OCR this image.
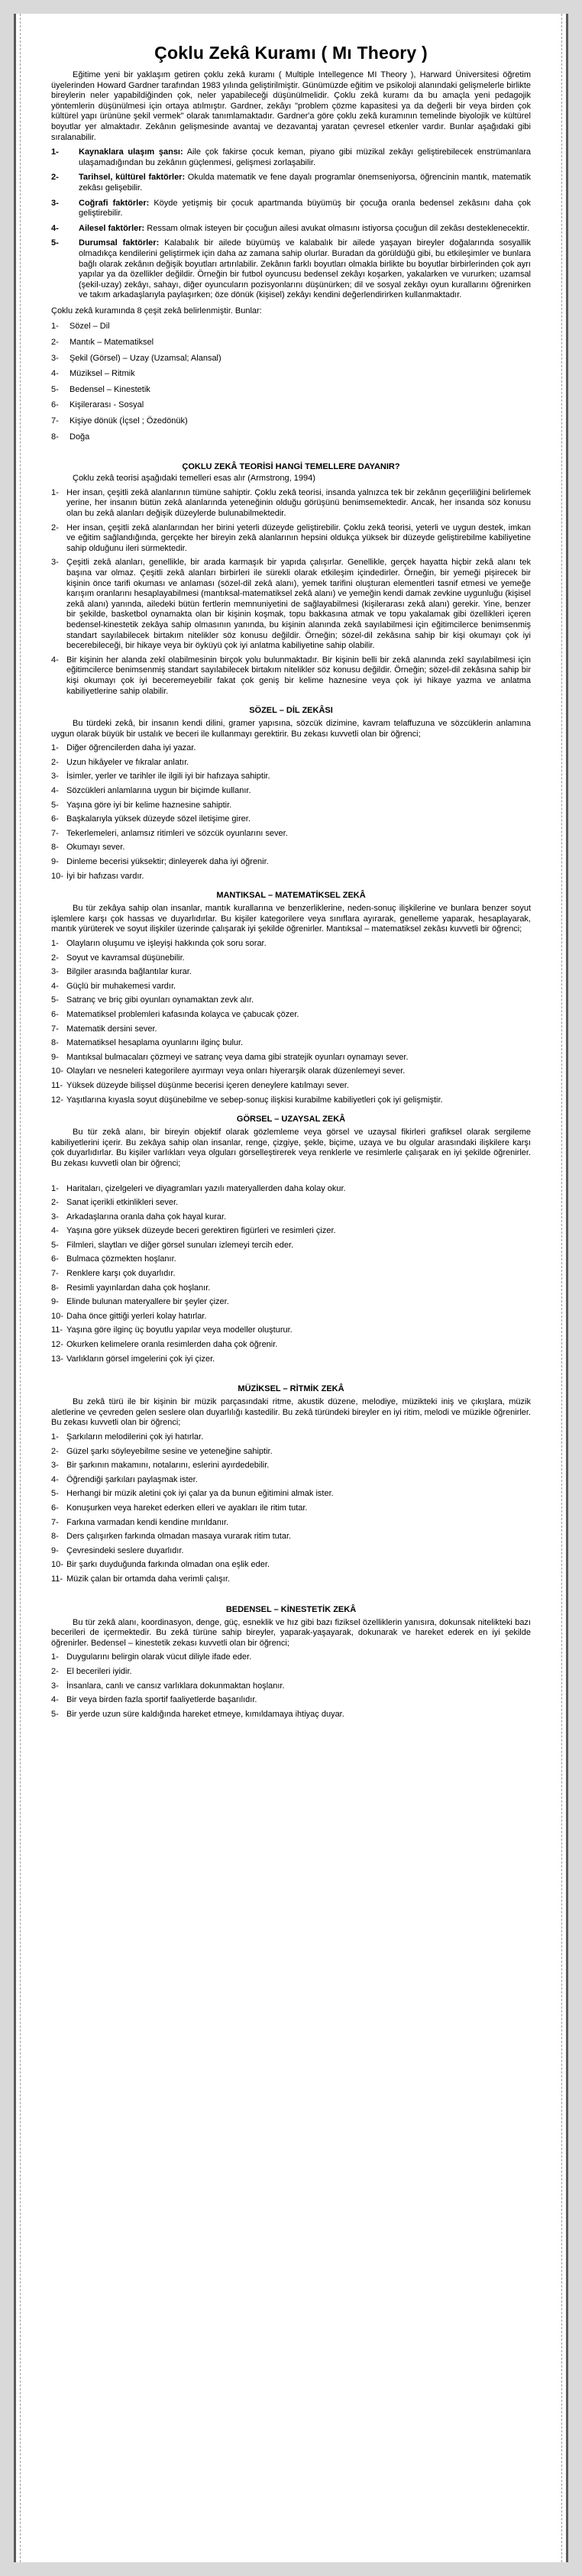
Çoklu Zekâ Kuramı ( Mı Theory )

Eğitime yeni bir yaklaşım getiren çoklu zekâ kuramı ( Multiple Intellegence MI Theory ), Harward Üniversitesi öğretim üyelerinden Howard Gardner tarafından 1983 yılında geliştirilmiştir. Günümüzde eğitim ve psikoloji alanındaki gelişmelerle birlikte bireylerin neler yapabildiğinden çok, neler yapabileceği düşünülmelidir. Çoklu zekâ kuramı da bu amaçla yeni pedagojik yöntemlerin düşünülmesi için ortaya atılmıştır. Gardner, zekâyı "problem çözme kapasitesi ya da değerli bir veya birden çok kültürel yapı ürününe şekil vermek" olarak tanımlamaktadır. Gardner'a göre çoklu zekâ kuramının temelinde biyolojik ve kültürel boyutlar yer almaktadır. Zekânın gelişmesinde avantaj ve dezavantaj yaratan çevresel etkenler vardır. Bunlar aşağıdaki gibi sıralanabilir.

1-	Kaynaklara ulaşım şansı: Aile çok fakirse çocuk keman, piyano gibi müzikal zekâyı geliştirebilecek enstrümanlara ulaşamadığından bu zekânın güçlenmesi, gelişmesi zorlaşabilir.
2-	Tarihsel, kültürel faktörler: Okulda matematik ve fene dayalı programlar önemseniyorsa, öğrencinin mantık, matematik zekâsı gelişebilir.
3-	Coğrafi faktörler: Köyde yetişmiş bir çocuk apartmanda büyümüş bir çocuğa oranla bedensel zekâsını daha çok geliştirebilir.
4-	Ailesel faktörler: Ressam olmak isteyen bir çocuğun ailesi avukat olmasını istiyorsa çocuğun dil zekâsı desteklenecektir.
5-	Durumsal faktörler: Kalabalık bir ailede büyümüş ve kalabalık bir ailede yaşayan bireyler doğalarında sosyallik olmadıkça kendilerini geliştirmek için daha az zamana sahip olurlar. Buradan da görüldüğü gibi, bu etkileşimler ve bunlara bağlı olarak zekânın değişik boyutları artırılabilir. Zekânın farklı boyutları olmakla birlikte bu boyutlar birbirlerinden çok ayrı yapılar ya da özellikler değildir. Örneğin bir futbol oyuncusu bedensel zekâyı koşarken, yakalarken ve vururken; uzamsal (şekil-uzay) zekâyı, sahayı, diğer oyuncuların pozisyonlarını düşünürken; dil ve sosyal zekâyı oyun kurallarını öğrenirken ve takım arkadaşlarıyla paylaşırken; öze dönük (kişisel) zekâyı kendini değerlendirirken kullanmaktadır.

Çoklu zekâ kuramında 8 çeşit zekâ belirlenmiştir. Bunlar:

1- Sözel – Dil
2- Mantık – Matematiksel
3- Şekil (Görsel) – Uzay (Uzamsal; Alansal)
4- Müziksel – Ritmik
5- Bedensel – Kinestetik
6- Kişilerarası - Sosyal
7- Kişiye dönük (İçsel ; Özedönük)
8- Doğa
ÇOKLU ZEKÂ TEORİSİ HANGİ TEMELLERE DAYANIR?

Çoklu zekâ teorisi aşağıdaki temelleri esas alır (Armstrong, 1994)

1- Her insan, çeşitli zekâ alanlarının tümüne sahiptir. Çoklu zekâ teorisi, insanda yalnızca tek bir zekânın geçerliliğini belirlemek yerine, her insanın bütün zekâ alanlarında yeteneğinin olduğu görüşünü benimsemektedir. Ancak, her insanda söz konusu olan bu zekâ alanları değişik düzeylerde bulunabilmektedir.
2- Her insan, çeşitli zekâ alanlarından her birini yeterli düzeyde geliştirebilir. Çoklu zekâ teorisi, yeterli ve uygun destek, imkan ve eğitim sağlandığında, gerçekte her bireyin zekâ alanlarının hepsini oldukça yüksek bir düzeyde geliştirebilme kabiliyetine sahip olduğunu ileri sürmektedir.
3- Çeşitli zekâ alanları, genellikle, bir arada karmaşık bir yapıda çalışırlar. Genellikle, gerçek hayatta hiçbir zekâ alanı tek başına var olmaz. Çeşitli zekâ alanları birbirleri ile sürekli olarak etkileşim içindedirler. Örneğin, bir yemeği pişirecek bir kişinin önce tarifi okuması ve anlaması (sözel-dil zekâ alanı), yemek tarifini oluşturan elementleri tasnif etmesi ve yemeğe karışım oranlarını hesaplayabilmesi (mantıksal-matematiksel zekâ alanı) ve yemeğin kendi damak zevkine uygunluğu (kişisel zekâ alanı) yanında, ailedeki bütün fertlerin memnuniyetini de sağlayabilmesi (kişilerarası zekâ alanı) gerekir. Yine, benzer bir şekilde, basketbol oynamakta olan bir kişinin koşmak, topu bakkasına atmak ve topu yakalamak gibi özellikleri içeren bedensel-kinestetik zekâya sahip olmasının yanında, bu kişinin alanında zekâ sayılabilmesi için eğitimcilerce benimsenmiş standart sayılabilecek birtakım nitelikler söz konusu değildir. Örneğin; sözel-dil zekâsına sahip bir kişi okumayı çok iyi becerebileceği, bir hikaye veya bir öyküyü çok iyi anlatma kabiliyetine sahip olabilir.
4- Bir kişinin her alanda zekî olabilmesinin birçok yolu bulunmaktadır. Bir kişinin belli bir zekâ alanında zekî sayılabilmesi için eğitimcilerce benimsenmiş standart sayılabilecek birtakım nitelikler söz konusu değildir. Örneğin; sözel-dil zekâsına sahip bir kişi okumayı çok iyi beceremeyebilir fakat çok geniş bir kelime haznesine veya çok iyi hikaye yazma ve anlatma kabiliyetlerine sahip olabilir.
SÖZEL – DİL ZEKÂSI

Bu türdeki zekâ, bir insanın kendi dilini, gramer yapısına, sözcük dizimine, kavram telaffuzuna ve sözcüklerin anlamına uygun olarak büyük bir ustalık ve beceri ile kullanmayı gerektirir. Bu zekası kuvvetli olan bir öğrenci;

1- Diğer öğrencilerden daha iyi yazar.
2- Uzun hikâyeler ve fıkralar anlatır.
3- İsimler, yerler ve tarihler ile ilgili iyi bir hafızaya sahiptir.
4- Sözcükleri anlamlarına uygun bir biçimde kullanır.
5- Yaşına göre iyi bir kelime haznesine sahiptir.
6- Başkalarıyla yüksek düzeyde sözel iletişime girer.
7- Tekerlemeleri, anlamsız ritimleri ve sözcük oyunlarını sever.
8- Okumayı sever.
9- Dinleme becerisi yüksektir; dinleyerek daha iyi öğrenir.
10- İyi bir hafızası vardır.
MANTIKSAL – MATEMATİKSEL ZEKÂ

Bu tür zekâya sahip olan insanlar, mantık kurallarına ve benzerliklerine, neden-sonuç ilişkilerine ve bunlara benzer soyut işlemlere karşı çok hassas ve duyarlıdırlar. Bu kişiler kategorilere veya sınıflara ayırarak, genelleme yaparak, hesaplayarak, mantık yürüterek ve soyut ilişkiler üzerinde çalışarak iyi şekilde öğrenirler. Mantıksal – matematiksel zekâsı kuvvetli bir öğrenci;

1- Olayların oluşumu ve işleyişi hakkında çok soru sorar.
2- Soyut ve kavramsal düşünebilir.
3- Bilgiler arasında bağlantılar kurar.
4- Güçlü bir muhakemesi vardır.
5- Satranç ve briç gibi oyunları oynamaktan zevk alır.
6- Matematiksel problemleri kafasında kolayca ve çabucak çözer.
7- Matematik dersini sever.
8- Matematiksel hesaplama oyunlarını ilginç bulur.
9- Mantıksal bulmacaları çözmeyi ve satranç veya dama gibi stratejik oyunları oynamayı sever.
10- Olayları ve nesneleri kategorilere ayırmayı veya onları hiyerarşik olarak düzenlemeyi sever.
11- Yüksek düzeyde bilişsel düşünme becerisi içeren deneylere katılmayı sever.
12- Yaşıtlarına kıyasla soyut düşünebilme ve sebep-sonuç ilişkisi kurabilme kabiliyetleri çok iyi gelişmiştir.
GÖRSEL – UZAYSAL ZEKÂ

Bu tür zekâ alanı, bir bireyin objektif olarak gözlemleme veya görsel ve uzaysal fikirleri grafiksel olarak sergileme kabiliyetlerini içerir. Bu zekâya sahip olan insanlar, renge, çizgiye, şekle, biçime, uzaya ve bu olgular arasındaki ilişkilere karşı çok duyarlıdırlar. Bu kişiler varlıkları veya olguları görselleştirerek veya renklerle ve resimlerle çalışarak en iyi şekilde öğrenirler. Bu zekası kuvvetli olan bir öğrenci;

1- Haritaları, çizelgeleri ve diyagramları yazılı materyallerden daha kolay okur.
2- Sanat içerikli etkinlikleri sever.
3- Arkadaşlarına oranla daha çok hayal kurar.
4- Yaşına göre yüksek düzeyde beceri gerektiren figürleri ve resimleri çizer.
5- Filmleri, slaytları ve diğer görsel sunuları izlemeyi tercih eder.
6- Bulmaca çözmekten hoşlanır.
7- Renklere karşı çok duyarlıdır.
8- Resimli yayınlardan daha çok hoşlanır.
9- Elinde bulunan materyallere bir şeyler çizer.
10- Daha önce gittiği yerleri kolay hatırlar.
11- Yaşına göre ilginç üç boyutlu yapılar veya modeller oluşturur.
12- Okurken kelimelere oranla resimlerden daha çok öğrenir.
13- Varlıkların görsel imgelerini çok iyi çizer.
MÜZİKSEL – RİTMİK ZEKÂ

Bu zekâ türü ile bir kişinin bir müzik parçasındaki ritme, akustik düzene, melodiye, müzikteki iniş ve çıkışlara, müzik aletlerine ve çevreden gelen seslere olan duyarlılığı kastedilir. Bu zekâ türündeki bireyler en iyi ritim, melodi ve müzikle öğrenirler. Bu zekası kuvvetli olan bir öğrenci;

1- Şarkıların melodilerini çok iyi hatırlar.
2- Güzel şarkı söyleyebilme sesine ve yeteneğine sahiptir.
3- Bir şarkının makamını, notalarını, eslerini ayırdedebilir.
4- Öğrendiği şarkıları paylaşmak ister.
5- Herhangi bir müzik aletini çok iyi çalar ya da bunun eğitimini almak ister.
6- Konuşurken veya hareket ederken elleri ve ayakları ile ritim tutar.
7- Farkına varmadan kendi kendine mırıldanır.
8- Ders çalışırken farkında olmadan masaya vurarak ritim tutar.
9- Çevresindeki seslere duyarlıdır.
10- Bir şarkı duyduğunda farkında olmadan ona eşlik eder.
11- Müzik çalan bir ortamda daha verimli çalışır.
BEDENSEL – KİNESTETİK ZEKÂ

Bu tür zekâ alanı, koordinasyon, denge, güç, esneklik ve hız gibi bazı fiziksel özelliklerin yanısıra, dokunsak nitelikteki bazı becerileri de içermektedir. Bu zekâ türüne sahip bireyler, yaparak-yaşayarak, dokunarak ve hareket ederek en iyi şekilde öğrenirler. Bedensel – kinestetik zekası kuvvetli olan bir öğrenci;

1- Duygularını belirgin olarak vücut diliyle ifade eder.
2- El becerileri iyidir.
3- İnsanlara, canlı ve cansız varlıklara dokunmaktan hoşlanır.
4- Bir veya birden fazla sportif faaliyetlerde başarılıdır.
5- Bir yerde uzun süre kaldığında hareket etmeye, kımıldamaya ihtiyaç duyar.
